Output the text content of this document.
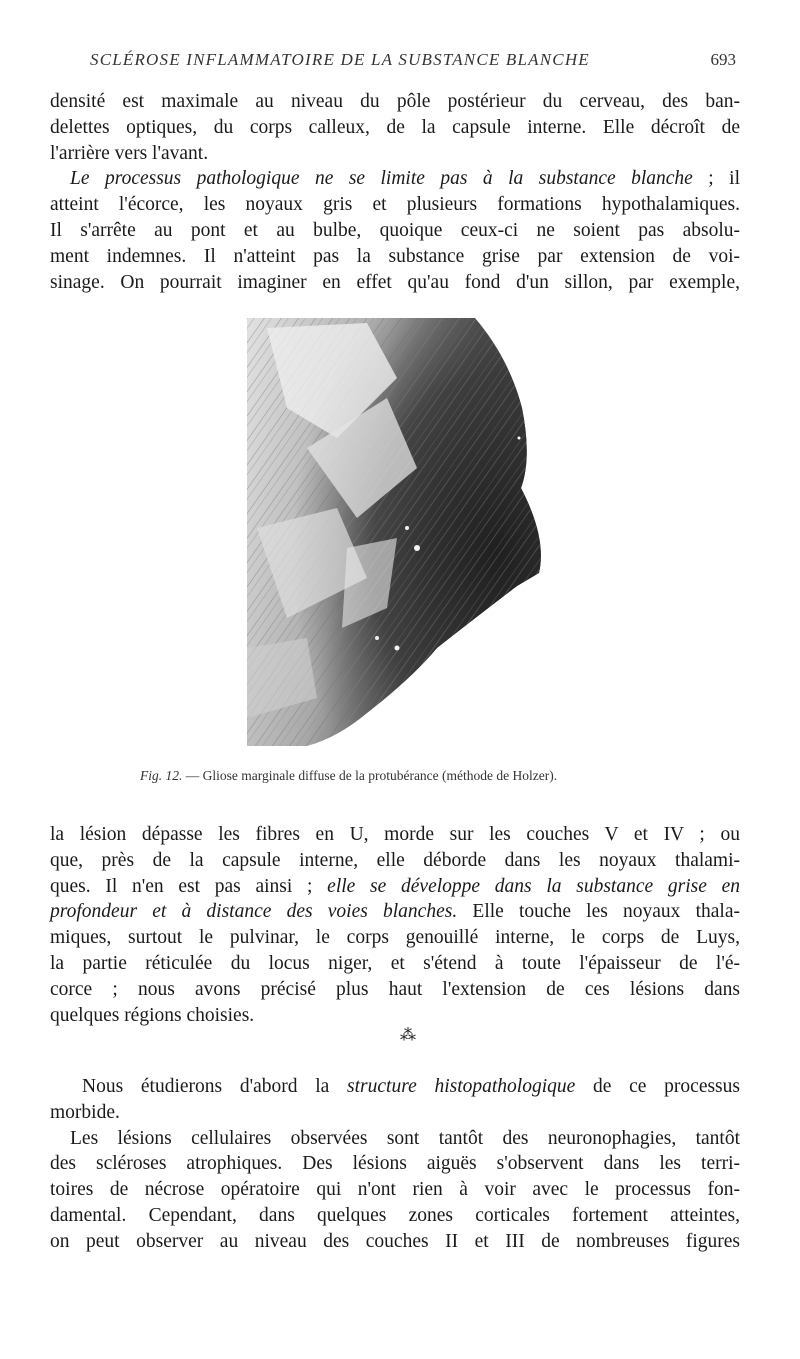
SCLÉROSE INFLAMMATOIRE DE LA SUBSTANCE BLANCHE	693
densité est maximale au niveau du pôle postérieur du cerveau, des ban-
delettes optiques, du corps calleux, de la capsule interne. Elle décroît de
l'arrière vers l'avant.
Le processus pathologique ne se limite pas à la substance blanche ; il
atteint l'écorce, les noyaux gris et plusieurs formations hypothalamiques.
Il s'arrête au pont et au bulbe, quoique ceux-ci ne soient pas absolu-
ment indemnes. Il n'atteint pas la substance grise par extension de voi-
sinage. On pourrait imaginer en effet qu'au fond d'un sillon, par exemple,
Fig. 12. — Gliose marginale diffuse de la protubérance (méthode de Holzer).
la lésion dépasse les fibres en U, morde sur les couches V et IV ; ou
que, près de la capsule interne, elle déborde dans les noyaux thalami-
ques. Il n'en est pas ainsi ; elle se développe dans la substance grise en
profondeur et à distance des voies blanches. Elle touche les noyaux thala-
miques, surtout le pulvinar, le corps genouillé interne, le corps de Luys,
la partie réticulée du locus niger, et s'étend à toute l'épaisseur de l'é-
corce ; nous avons précisé plus haut l'extension de ces lésions dans
quelques régions choisies.
⁂
Nous étudierons d'abord la structure histopathologique de ce processus
morbide.
Les lésions cellulaires observées sont tantôt des neuronophagies, tantôt
des scléroses atrophiques. Des lésions aiguës s'observent dans les terri-
toires de nécrose opératoire qui n'ont rien à voir avec le processus fon-
damental. Cependant, dans quelques zones corticales fortement atteintes,
on peut observer au niveau des couches II et III de nombreuses figures
